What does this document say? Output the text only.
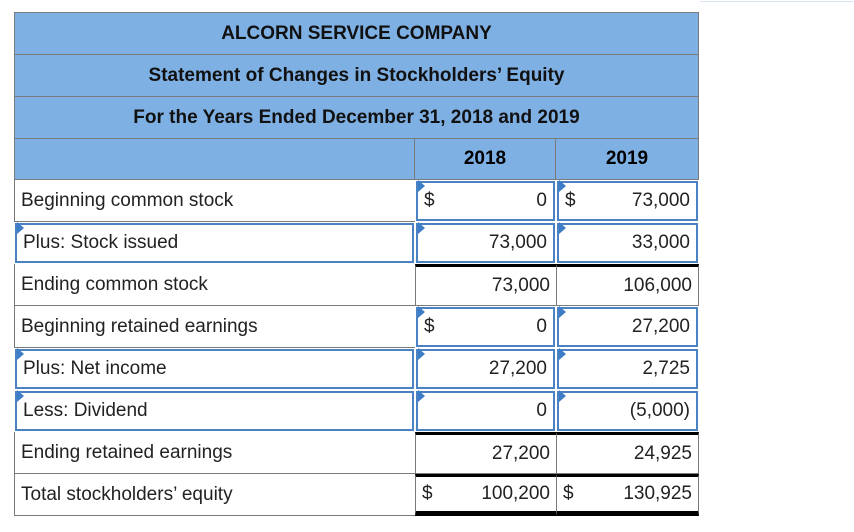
ALCORN SERVICE COMPANY
Statement of Changes in Stockholders’ Equity
For the Years Ended December 31, 2018 and 2019
2018	2019
Beginning common stock	$	0 $	73,000
Plus: Stock issued	73,000	33,000
Ending common stock	73,000	106,000
Beginning retained earnings	$	0	27,200
Plus: Net income	27,200	2,725
Less: Dividend	0	(5,000)
Ending retained earnings	27,200	24,925
Total stockholders’ equity	$	100,200 $	130,925
